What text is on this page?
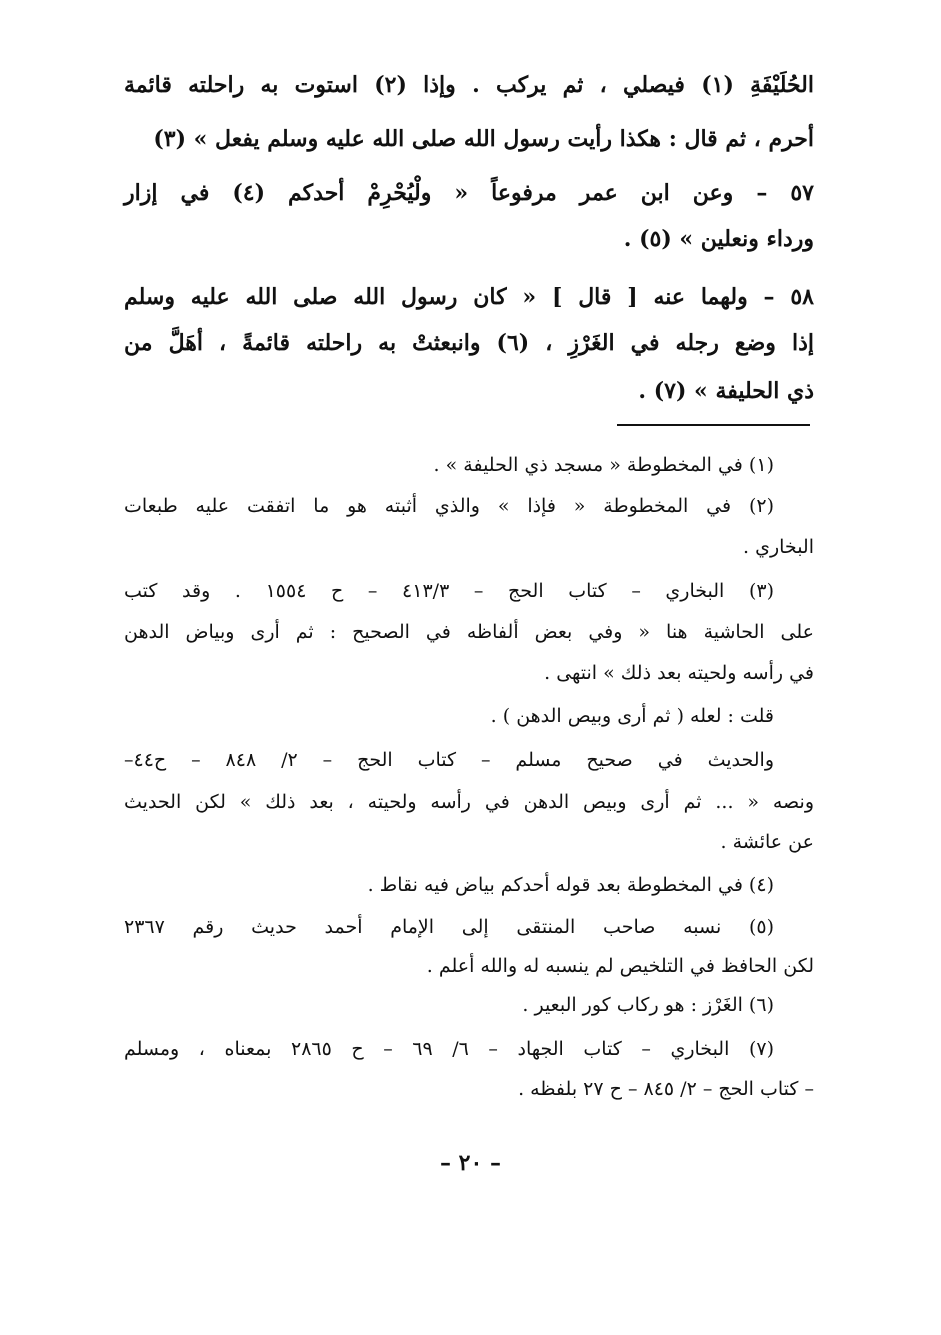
الحُلَيْفَةِ (١) فيصلي ، ثم يركب . وإذا (٢) استوت به راحلته قائمة
أحرم ، ثم قال : هكذا رأيت رسول الله صلى الله عليه وسلم يفعل » (٣)
٥٧ – وعن ابن عمر مرفوعاً « ولْيُحْرِمْ أحدكم (٤) في إزار
ورداء ونعلين » (٥) .
٥٨ – ولهما عنه [ قال ] « كان رسول الله صلى الله عليه وسلم
إذا وضع رجله في الغَرْزِ ، (٦) وانبعثتْ به راحلته قائمةً ، أهَلَّ من
ذي الحليفة » (٧) .
(١) في المخطوطة « مسجد ذي الحليفة » .
(٢) في المخطوطة « فإذا » والذي أثبته هو ما اتفقت عليه طبعات
البخاري .
(٣) البخاري – كتاب الحج – ٤١٣/٣ – ح ١٥٥٤ . وقد كتب
على الحاشية هنا « وفي بعض ألفاظه في الصحيح : ثم أرى وبياض الدهن
في رأسه ولحيته بعد ذلك » انتهى .
قلت : لعله ( ثم أرى وبيص الدهن ) .
والحديث في صحيح مسلم – كتاب الحج – ٢/ ٨٤٨ – ح٤٤–
ونصه « ... ثم أرى وبيص الدهن في رأسه ولحيته ، بعد ذلك » لكن الحديث
عن عائشة .
(٤) في المخطوطة بعد قوله أحدكم بياض فيه نقاط .
(٥) نسبه صاحب المنتقى إلى الإمام أحمد حديث رقم ٢٣٦٧
لكن الحافظ في التلخيص لم ينسبه له والله أعلم .
(٦) الغَرْز : هو ركاب كور البعير .
(٧) البخاري – كتاب الجهاد – ٦/ ٦٩ – ح ٢٨٦٥ بمعناه ، ومسلم
– كتاب الحج – ٢/ ٨٤٥ – ح ٢٧ بلفظه .
– ٢٠ –
